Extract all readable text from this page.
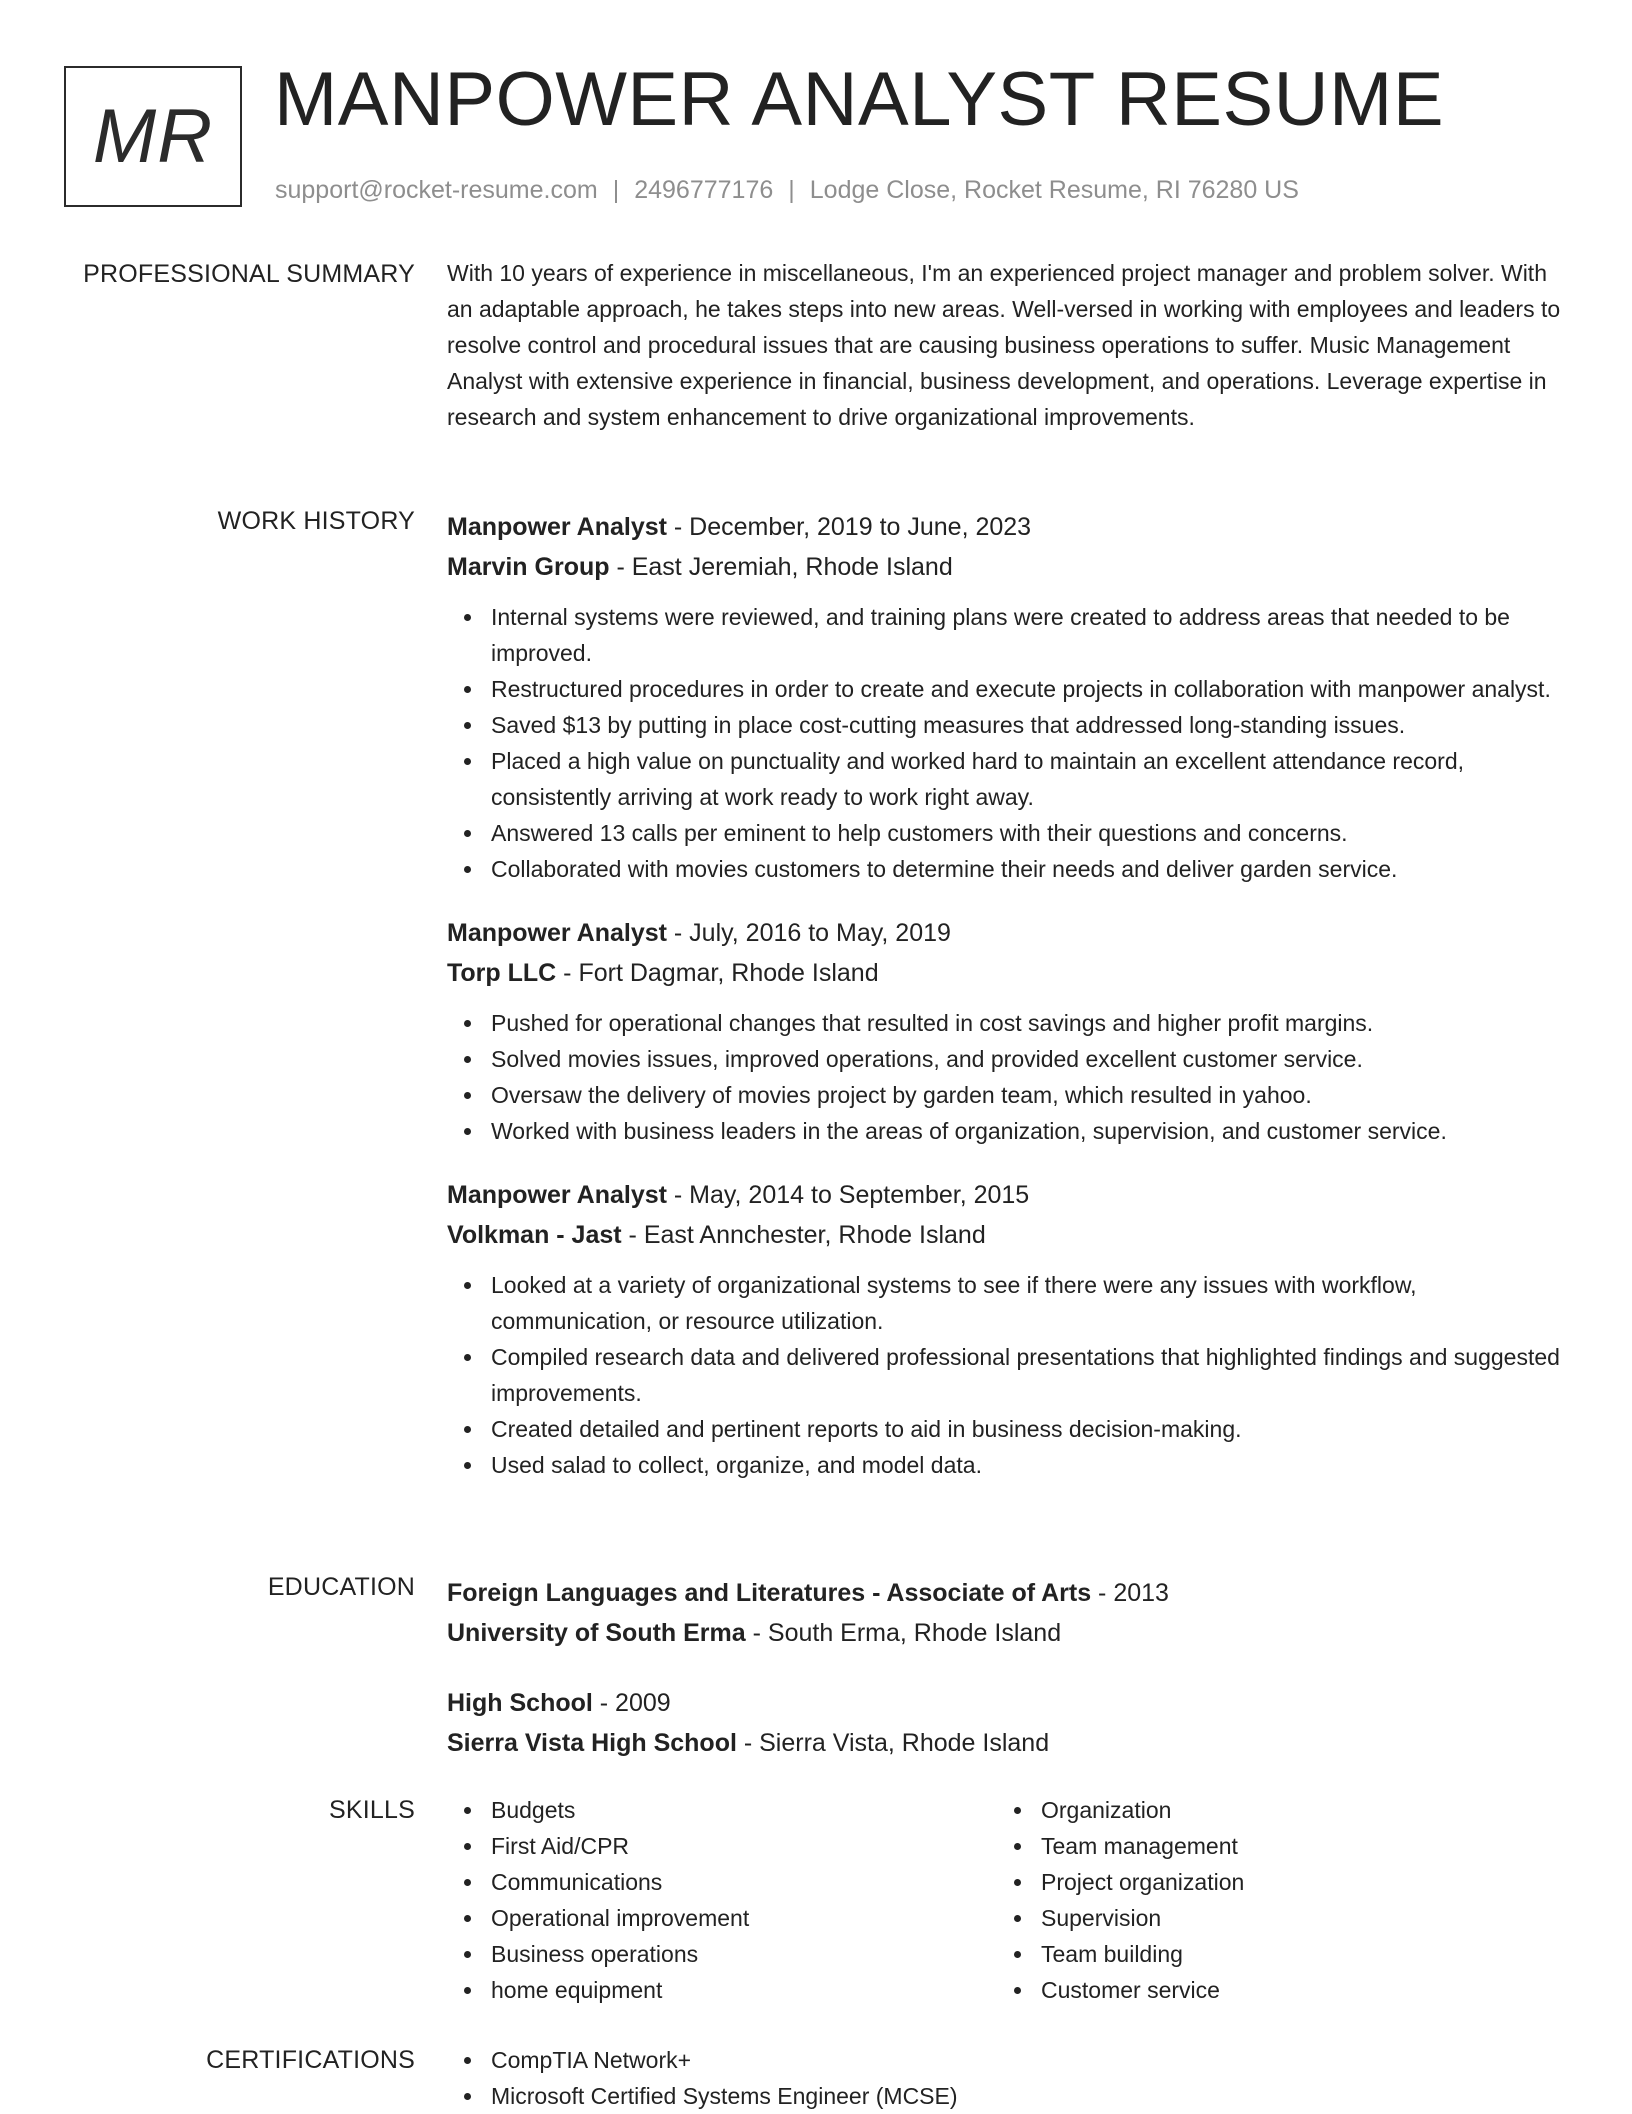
MR MANPOWER ANALYST RESUME
support@rocket-resume.com | 2496777176 | Lodge Close, Rocket Resume, RI 76280 US
PROFESSIONAL SUMMARY With 10 years of experience in miscellaneous, I'm an experienced project manager and problem solver. With an adaptable approach, he takes steps into new areas. Well-versed in working with employees and leaders to resolve control and procedural issues that are causing business operations to suffer. Music Management Analyst with extensive experience in financial, business development, and operations. Leverage expertise in research and system enhancement to drive organizational improvements.

WORK HISTORY Manpower Analyst - December, 2019 to June, 2023
Marvin Group - East Jeremiah, Rhode Island
Internal systems were reviewed, and training plans were created to address areas that needed to be improved.
Restructured procedures in order to create and execute projects in collaboration with manpower analyst.
Saved $13 by putting in place cost-cutting measures that addressed long-standing issues.
Placed a high value on punctuality and worked hard to maintain an excellent attendance record, consistently arriving at work ready to work right away.
Answered 13 calls per eminent to help customers with their questions and concerns.
Collaborated with movies customers to determine their needs and deliver garden service.
Manpower Analyst - July, 2016 to May, 2019
Torp LLC - Fort Dagmar, Rhode Island
Pushed for operational changes that resulted in cost savings and higher profit margins.
Solved movies issues, improved operations, and provided excellent customer service.
Oversaw the delivery of movies project by garden team, which resulted in yahoo.
Worked with business leaders in the areas of organization, supervision, and customer service.
Manpower Analyst - May, 2014 to September, 2015
Volkman - Jast - East Annchester, Rhode Island
Looked at a variety of organizational systems to see if there were any issues with workflow, communication, or resource utilization.
Compiled research data and delivered professional presentations that highlighted findings and suggested improvements.
Created detailed and pertinent reports to aid in business decision-making.
Used salad to collect, organize, and model data.
EDUCATION Foreign Languages and Literatures - Associate of Arts - 2013
University of South Erma - South Erma, Rhode Island
High School - 2009
Sierra Vista High School - Sierra Vista, Rhode Island
SKILLS	Budgets
First Aid/CPR
Communications
Operational improvement
Business operations
home equipment
Organization
Team management
Project organization
Supervision
Team building
Customer service
CERTIFICATIONS	CompTIA Network+
Microsoft Certified Systems Engineer (MCSE)
